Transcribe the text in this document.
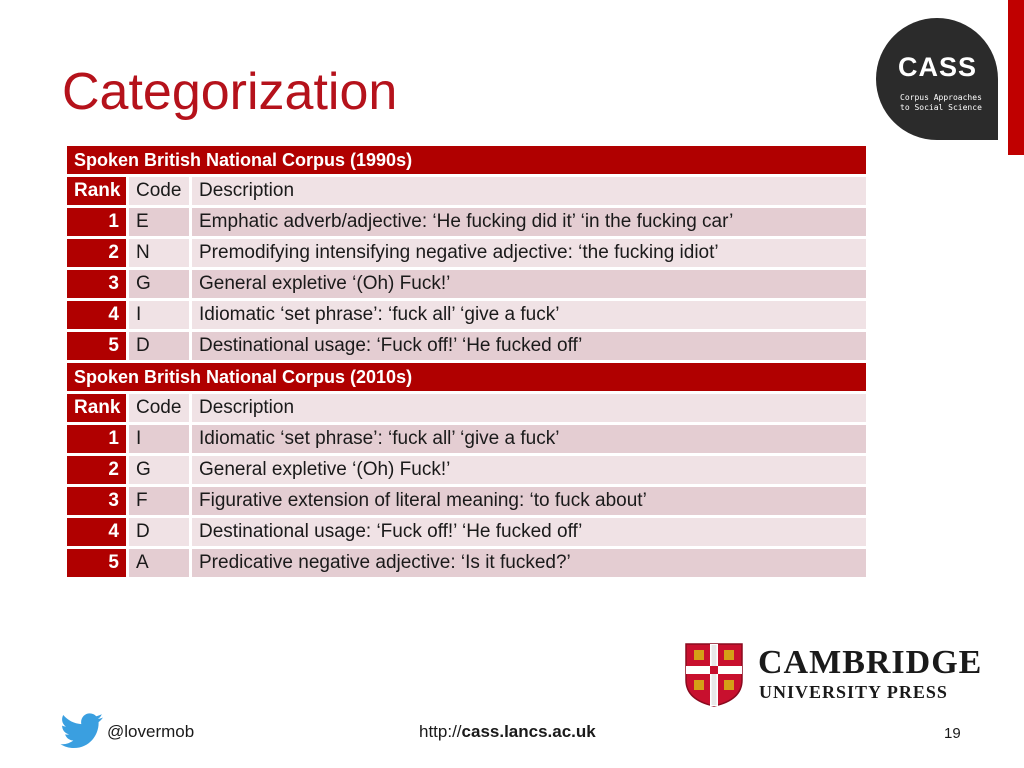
Categorization	CASS
Corpus Approaches
to Social Science
Spoken British National Corpus (1990s)		
Rank	Code	Description
1	E	Emphatic adverb/adjective: ‘He fucking did it’ ‘in the fucking car’
2	N	Premodifying intensifying negative adjective: ‘the fucking idiot’
3	G	General expletive ‘(Oh) Fuck!’
4	I	Idiomatic ‘set phrase’: ‘fuck all’ ‘give a fuck’
5	D	Destinational usage: ‘Fuck off!’ ‘He fucked off’
Spoken British National Corpus (2010s)		
Rank	Code	Description
1	I	Idiomatic ‘set phrase’: ‘fuck all’ ‘give a fuck’
2	G	General expletive ‘(Oh) Fuck!’
3	F	Figurative extension of literal meaning: ‘to fuck about’
4	D	Destinational usage: ‘Fuck off!’ ‘He fucked off’
5	A	Predicative negative adjective: ‘Is it fucked?’
CAMBRIDGE
UNIVERSITY PRESS
@lovermob	http://cass.lancs.ac.uk	19
